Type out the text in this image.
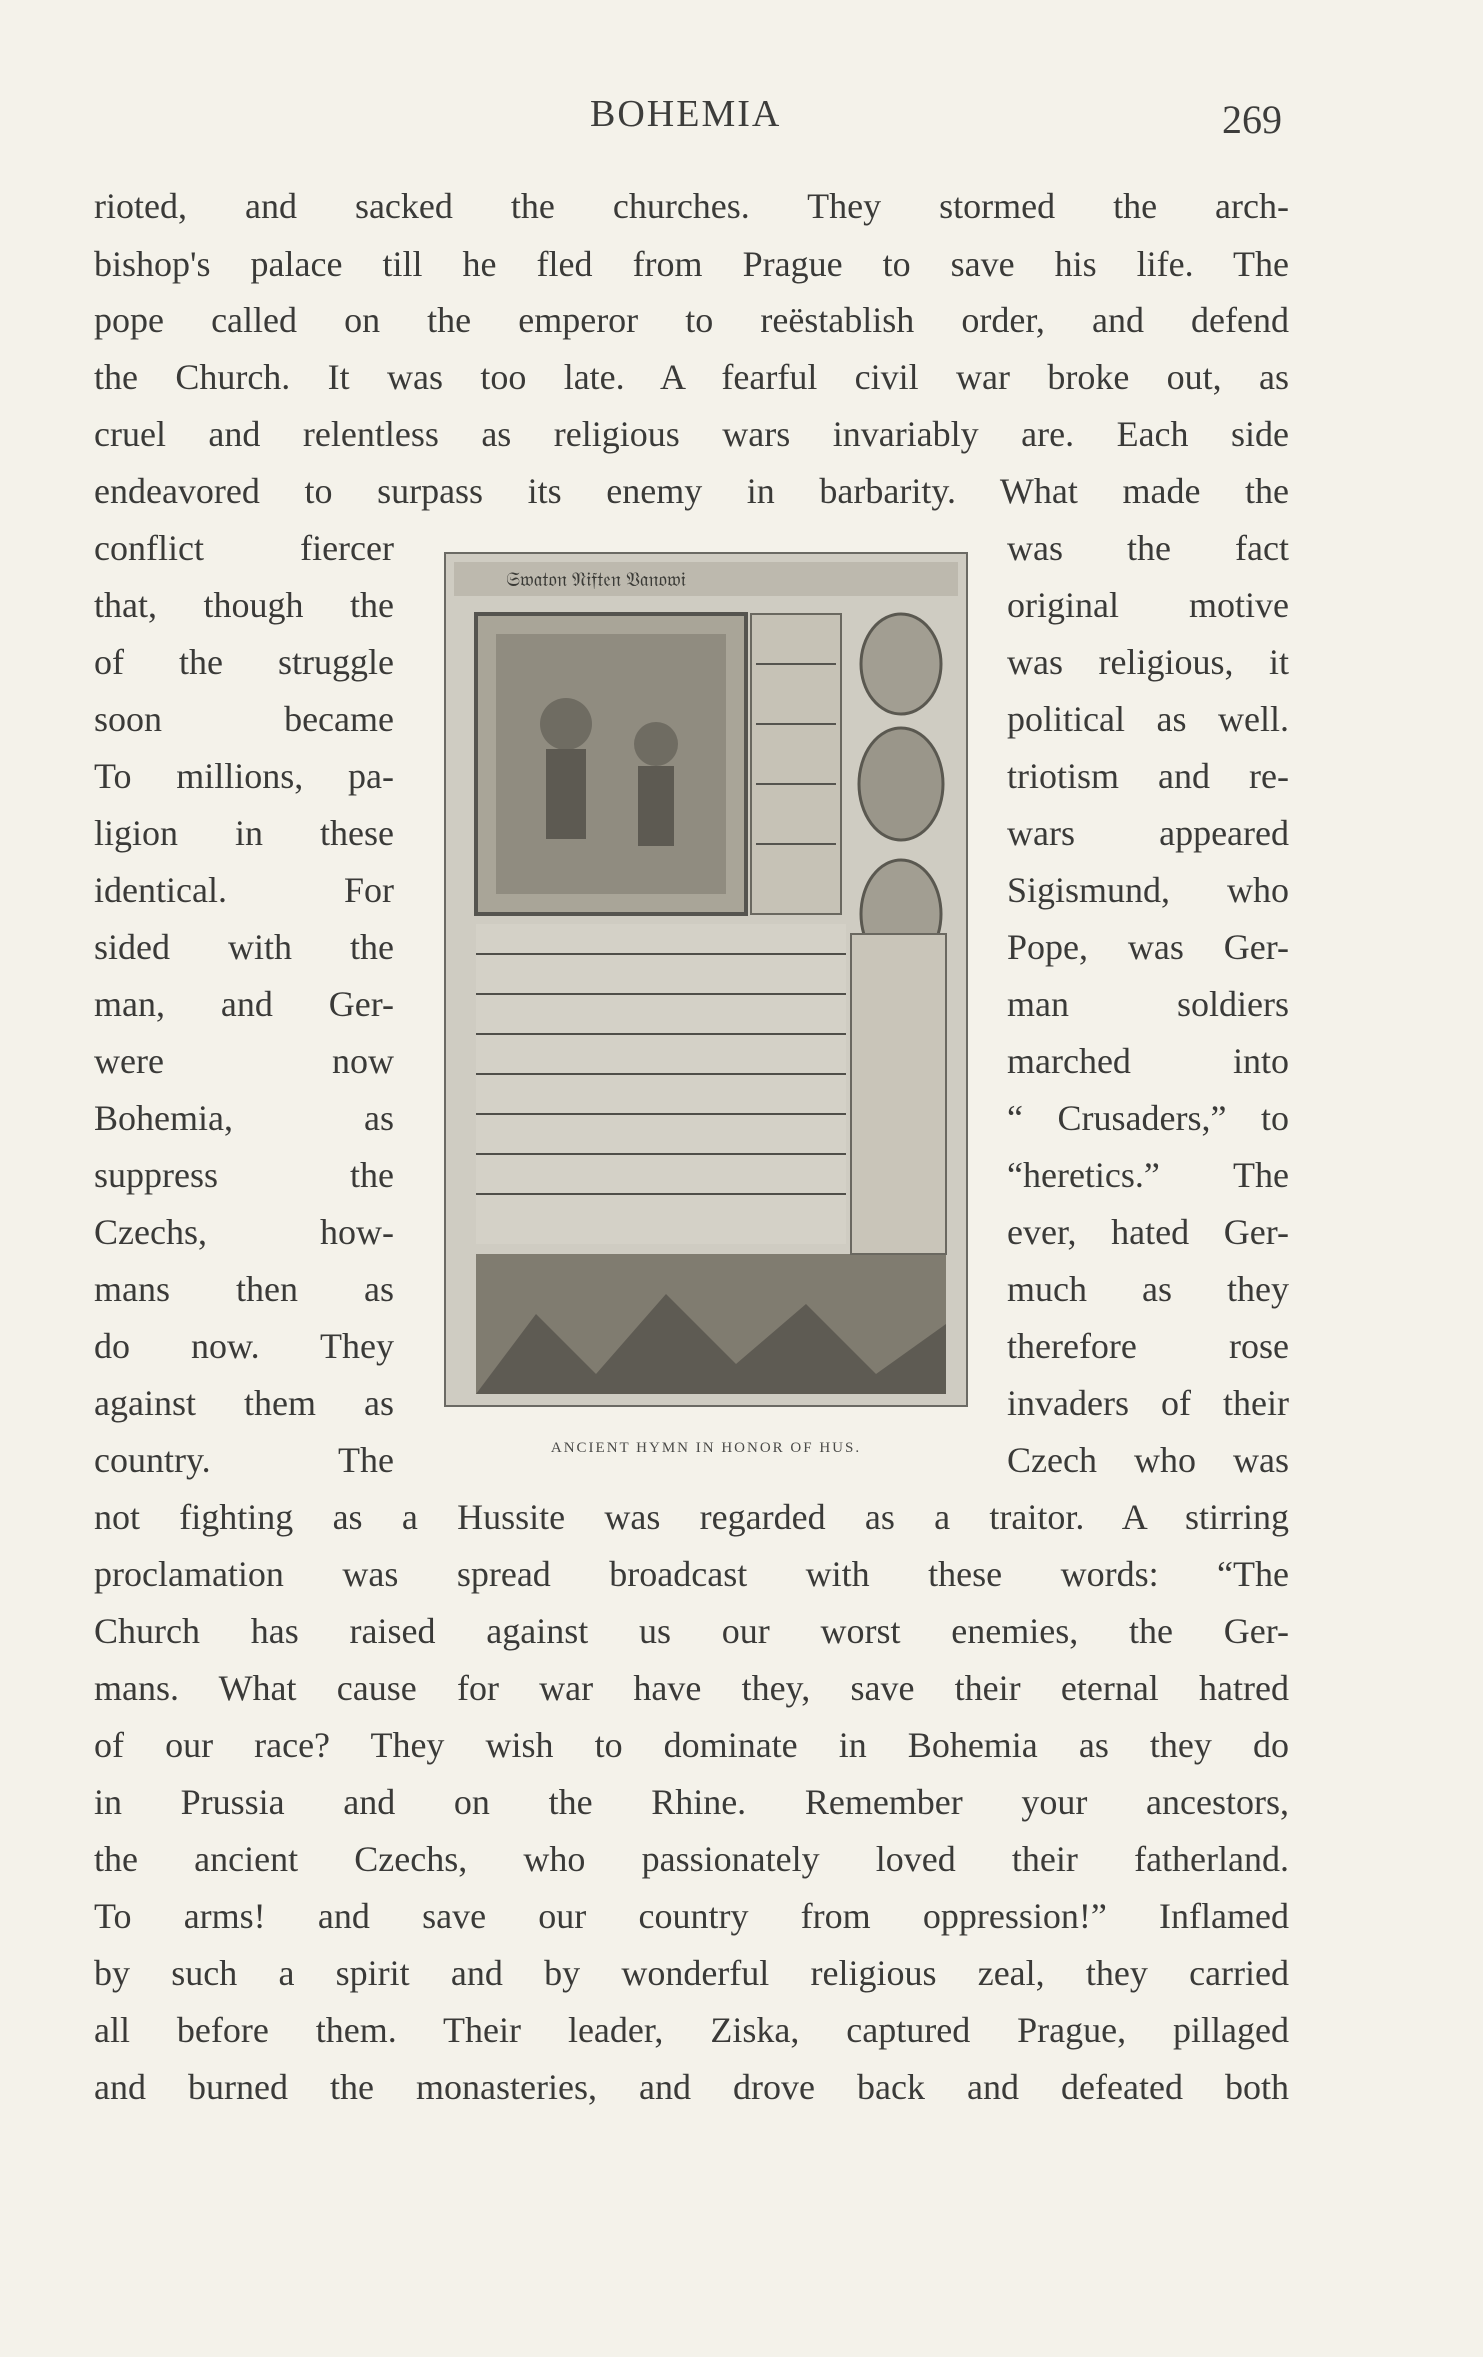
BOHEMIA	269
rioted, and sacked the churches. They stormed the arch-
bishop's palace till he fled from Prague to save his life. The
pope called on the emperor to reëstablish order, and defend
the Church. It was too late. A fearful civil war broke out, as
cruel and relentless as religious wars invariably are. Each side
endeavored to surpass its enemy in barbarity. What made the
conflict fiercer
that, though the
of the struggle
soon became
To millions, pa-
ligion in these
identical. For
sided with the
man, and Ger-
were now
Bohemia, as
suppress the
Czechs, how-
mans then as
do now. They
against them as
country. The
𝔖𝔴𝔞𝔱𝔬𝔫 𝔑𝔦𝔣𝔱𝔢𝔫 𝔙𝔞𝔫𝔬𝔴𝔦
ANCIENT HYMN IN HONOR OF HUS.
was the fact
original motive
was religious, it
political as well.
triotism and re-
wars appeared
Sigismund, who
Pope, was Ger-
man soldiers
marched into
“ Crusaders,” to
“heretics.” The
ever, hated Ger-
much as they
therefore rose
invaders of their
Czech who was
not fighting as a Hussite was regarded as a traitor. A stirring
proclamation was spread broadcast with these words: “The
Church has raised against us our worst enemies, the Ger-
mans. What cause for war have they, save their eternal hatred
of our race? They wish to dominate in Bohemia as they do
in Prussia and on the Rhine. Remember your ancestors,
the ancient Czechs, who passionately loved their fatherland.
To arms! and save our country from oppression!” Inflamed
by such a spirit and by wonderful religious zeal, they carried
all before them. Their leader, Ziska, captured Prague, pillaged
and burned the monasteries, and drove back and defeated both
